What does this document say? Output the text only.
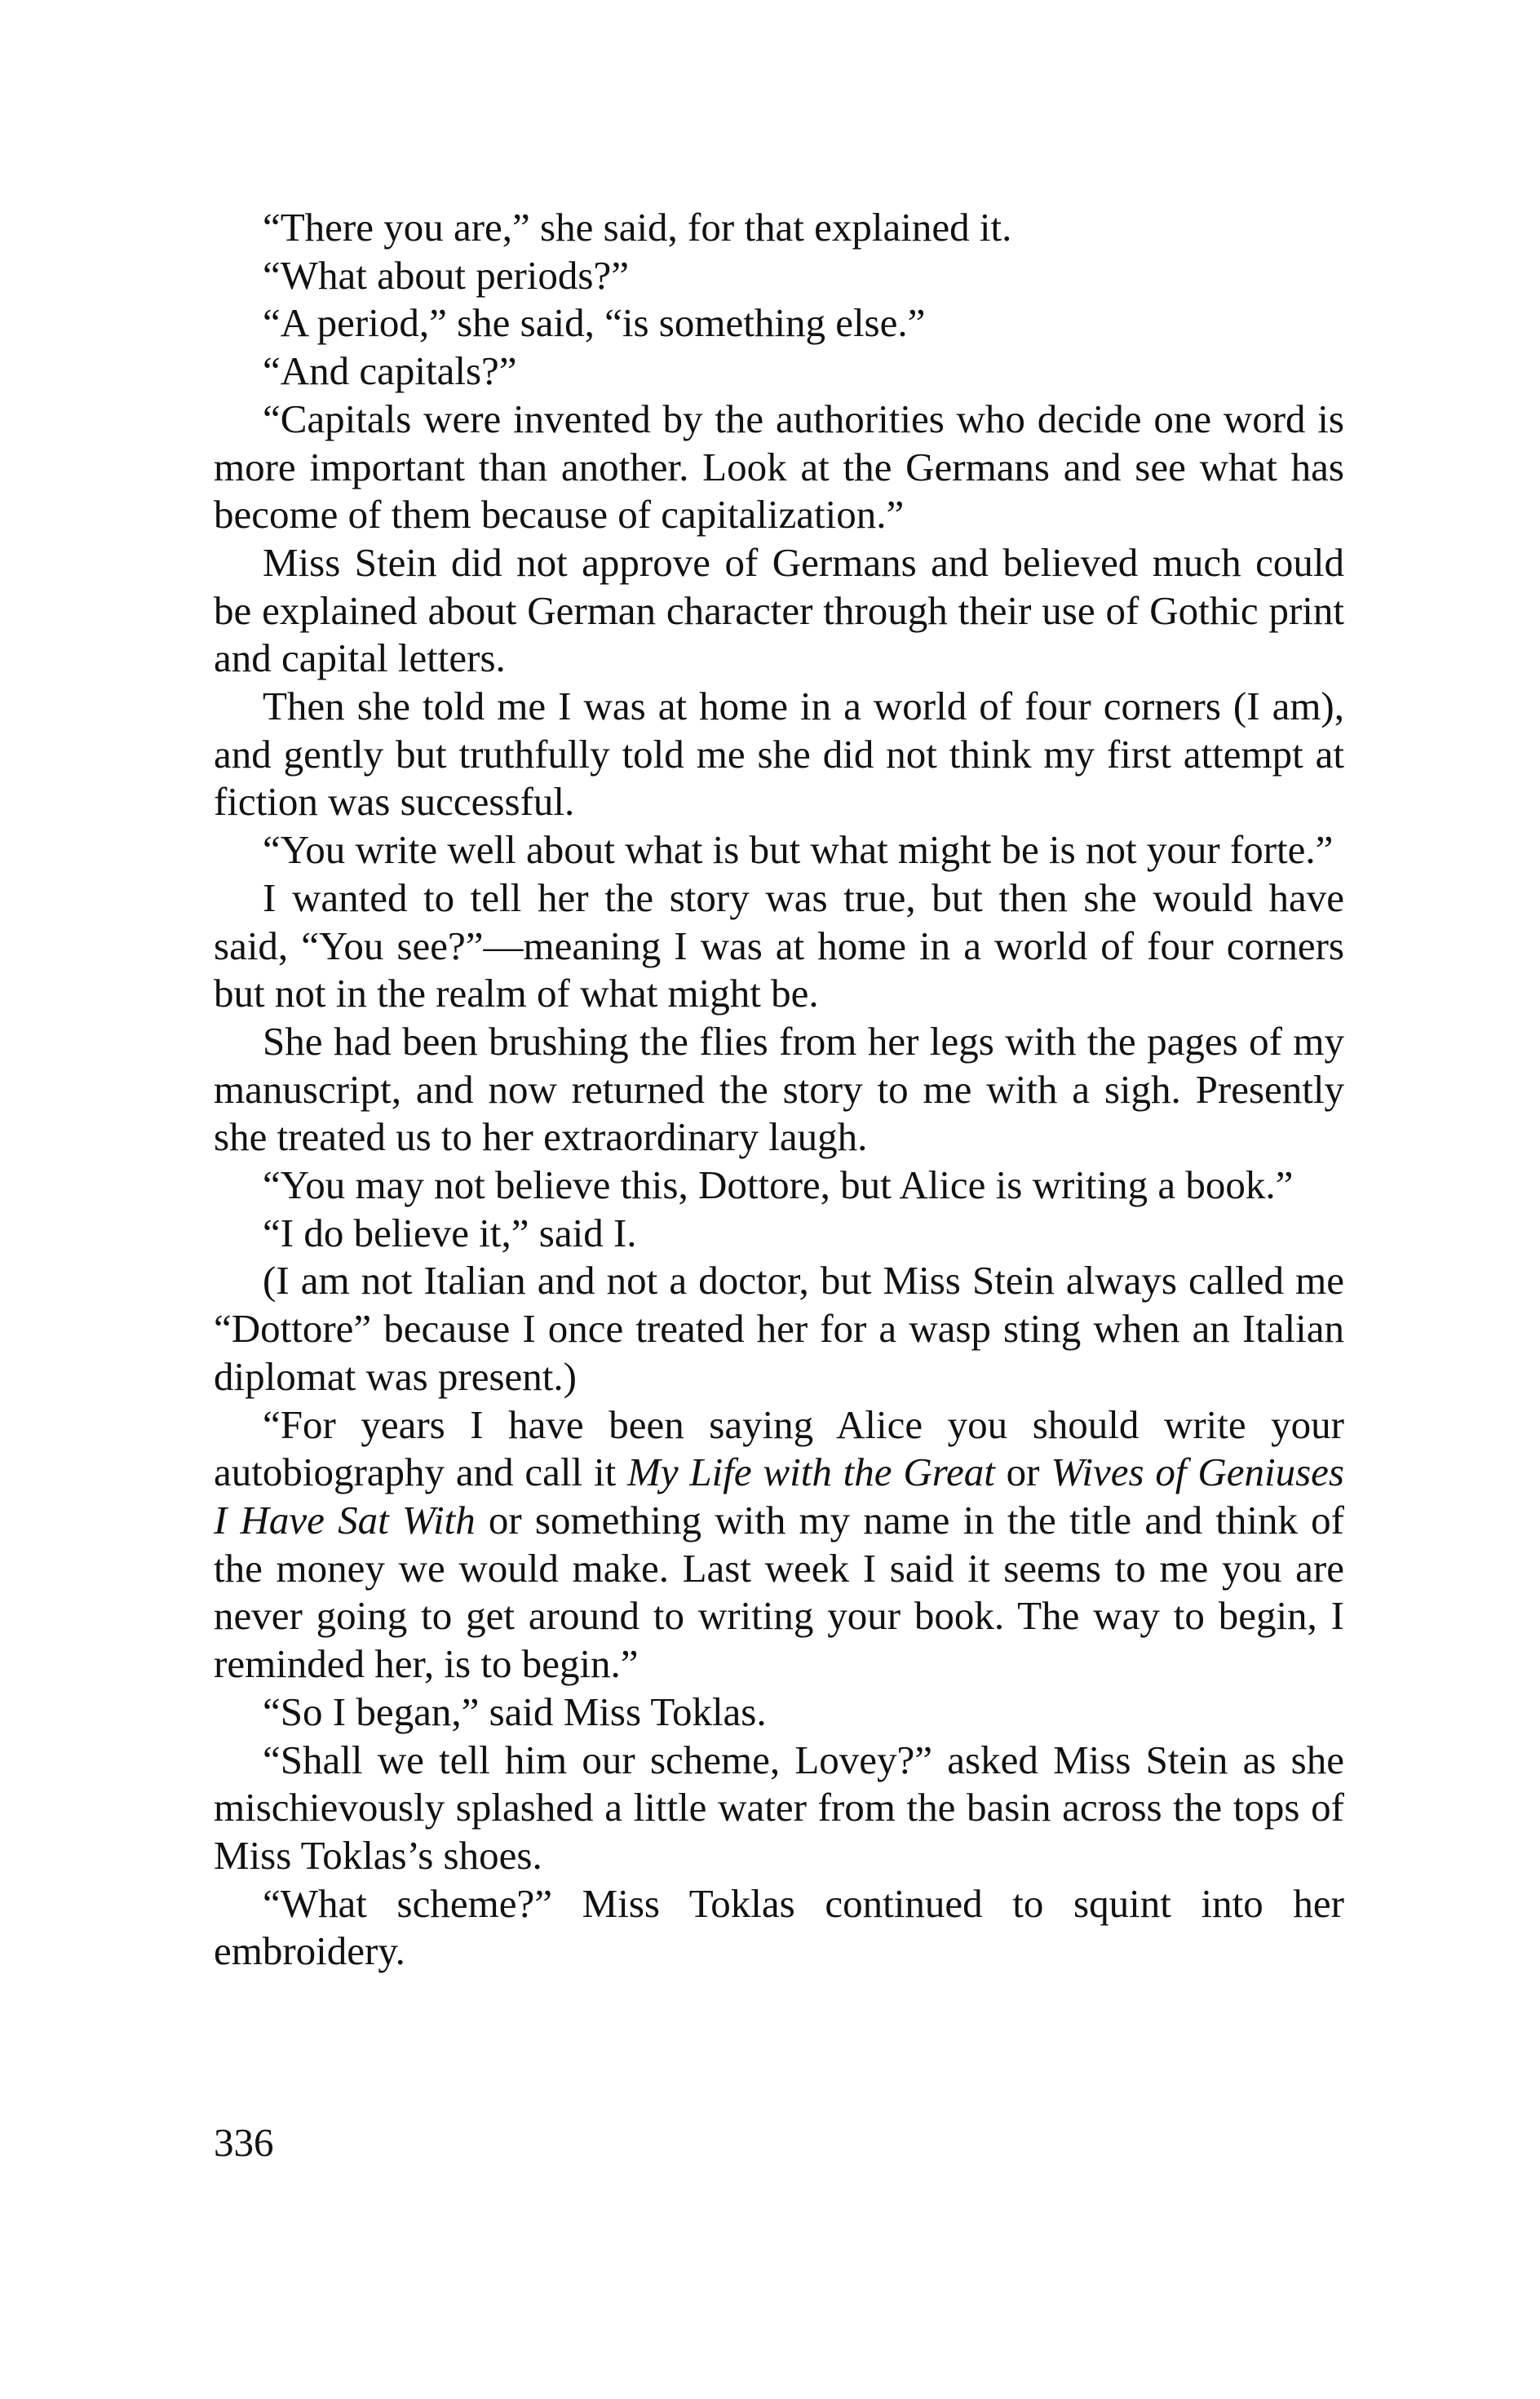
“There you are,” she said, for that explained it.

“What about periods?”

“A period,” she said, “is something else.”

“And capitals?”

“Capitals were invented by the authorities who decide one word is more important than another. Look at the Germans and see what has become of them because of capitalization.”

Miss Stein did not approve of Germans and believed much could be explained about German character through their use of Gothic print and capital letters.

Then she told me I was at home in a world of four corners (I am), and gently but truthfully told me she did not think my first attempt at fiction was successful.

“You write well about what is but what might be is not your forte.”

I wanted to tell her the story was true, but then she would have said, “You see?”—meaning I was at home in a world of four corners but not in the realm of what might be.

She had been brushing the flies from her legs with the pages of my manuscript, and now returned the story to me with a sigh. Presently she treated us to her extraordinary laugh.

“You may not believe this, Dottore, but Alice is writing a book.”

“I do believe it,” said I.

(I am not Italian and not a doctor, but Miss Stein always called me “Dottore” because I once treated her for a wasp sting when an Italian diplomat was present.)

“For years I have been saying Alice you should write your autobiography and call it My Life with the Great or Wives of Geniuses I Have Sat With or something with my name in the title and think of the money we would make. Last week I said it seems to me you are never going to get around to writing your book. The way to begin, I reminded her, is to begin.”

“So I began,” said Miss Toklas.

“Shall we tell him our scheme, Lovey?” asked Miss Stein as she mischievously splashed a little water from the basin across the tops of Miss Toklas’s shoes.

“What scheme?” Miss Toklas continued to squint into her embroidery.

336
